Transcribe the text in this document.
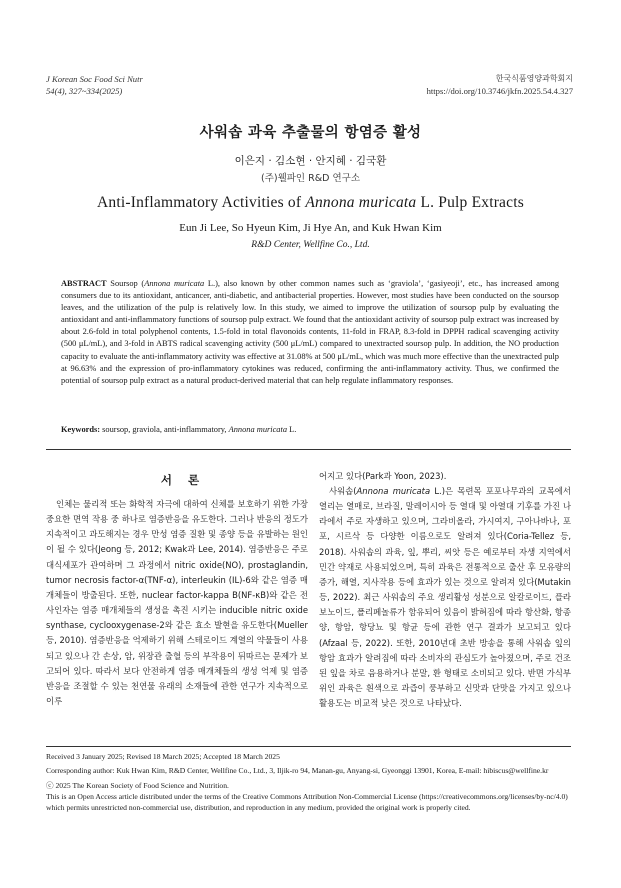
J Korean Soc Food Sci Nutr
54(4), 327~334(2025)
한국식품영양과학회지
https://doi.org/10.3746/jkfn.2025.54.4.327
사워솝 과육 추출물의 항염증 활성
이은지 · 김소현 · 안지혜 · 김국환
(주)웰파인 R&D 연구소
Anti-Inflammatory Activities of Annona muricata L. Pulp Extracts
Eun Ji Lee, So Hyeun Kim, Ji Hye An, and Kuk Hwan Kim
R&D Center, Wellfine Co., Ltd.
ABSTRACT Soursop (Annona muricata L.), also known by other common names such as ‘graviola’, ‘gasiyeoji’, etc., has increased among consumers due to its antioxidant, anticancer, anti-diabetic, and antibacterial properties. However, most studies have been conducted on the soursop leaves, and the utilization of the pulp is relatively low. In this study, we aimed to improve the utilization of soursop pulp by evaluating the antioxidant and anti-inflammatory functions of soursop pulp extract. We found that the antioxidant activity of soursop pulp extract was increased by about 2.6-fold in total polyphenol contents, 1.5-fold in total flavonoids contents, 11-fold in FRAP, 8.3-fold in DPPH radical scavenging activity (500 μL/mL), and 3-fold in ABTS radical scavenging activity (500 μL/mL) compared to unextracted soursop pulp. In addition, the NO production capacity to evaluate the anti-inflammatory activity was effective at 31.08% at 500 μL/mL, which was much more effective than the unextracted pulp at 96.63% and the expression of pro-inflammatory cytokines was reduced, confirming the anti-inflammatory activity. Thus, we confirmed the potential of soursop pulp extract as a natural product-derived material that can help regulate inflammatory responses.
Keywords: soursop, graviola, anti-inflammatory, Annona muricata L.
서 론
인체는 물리적 또는 화학적 자극에 대하여 신체를 보호하기 위한 가장 중요한 면역 작용 중 하나로 염증반응을 유도한다. 그러나 반응의 정도가 지속적이고 과도해지는 경우 만성 염증 질환 및 종양 등을 유발하는 원인이 될 수 있다(Jeong 등, 2012; Kwak과 Lee, 2014). 염증반응은 주로 대식세포가 관여하며 그 과정에서 nitric oxide(NO), prostaglandin, tumor necrosis factor-α(TNF-α), interleukin (IL)-6와 같은 염증 매개체들이 방출된다. 또한, nuclear factor-kappa B(NF-κB)와 같은 전사인자는 염증 매개체들의 생성을 촉진 시키는 inducible nitric oxide synthase, cyclooxygenase-2와 같은 효소 발현을 유도한다(Mueller 등, 2010). 염증반응을 억제하기 위해 스테로이드 계열의 약물들이 사용되고 있으나 간 손상, 암, 위장관 출혈 등의 부작용이 뒤따르는 문제가 보고되어 있다. 따라서 보다 안전하게 염증 매개체들의 생성 억제 및 염증반응을 조절할 수 있는 천연물 유래의 소재들에 관한 연구가 지속적으로 이루
어지고 있다(Park과 Yoon, 2023).
사워솝(Annona muricata L.)은 목련목 포포나무과의 교목에서 열리는 열매로, 브라질, 말레이시아 등 열대 및 아열대 기후를 가진 나라에서 주로 자생하고 있으며, 그라비올라, 가시여지, 구아나바나, 포포, 시르삭 등 다양한 이름으로도 알려져 있다(Coria-Tellez 등, 2018). 사워솝의 과육, 잎, 뿌리, 씨앗 등은 예로부터 자생 지역에서 민간 약재로 사용되었으며, 특히 과육은 전통적으로 출산 후 모유량의 증가, 해열, 지사작용 등에 효과가 있는 것으로 알려져 있다(Mutakin 등, 2022). 최근 사워솝의 주요 생리활성 성분으로 알칼로이드, 플라보노이드, 폴리페놀류가 함유되어 있음이 밝혀짐에 따라 항산화, 항종양, 항암, 항당뇨 및 항균 등에 관한 연구 결과가 보고되고 있다(Afzaal 등, 2022). 또한, 2010년대 초반 방송을 통해 사워솝 잎의 항암 효과가 알려짐에 따라 소비자의 관심도가 높아졌으며, 주로 건조된 잎을 차로 음용하거나 분말, 환 형태로 소비되고 있다. 반면 가식부위인 과육은 흰색으로 과즙이 풍부하고 신맛과 단맛을 가지고 있으나 활용도는 비교적 낮은 것으로 나타났다.

Received 3 January 2025; Revised 18 March 2025; Accepted 18 March 2025

Corresponding author: Kuk Hwan Kim, R&D Center, Wellfine Co., Ltd., 3, Iljik-ro 94, Manan-gu, Anyang-si, Gyeonggi 13901, Korea, E-mail: hibiscus@wellfine.kr

ⓒ 2025 The Korean Society of Food Science and Nutrition.

This is an Open Access article distributed under the terms of the Creative Commons Attribution Non-Commercial License (https://creativecommons.org/licenses/by-nc/4.0) which permits unrestricted non-commercial use, distribution, and reproduction in any medium, provided the original work is properly cited.
